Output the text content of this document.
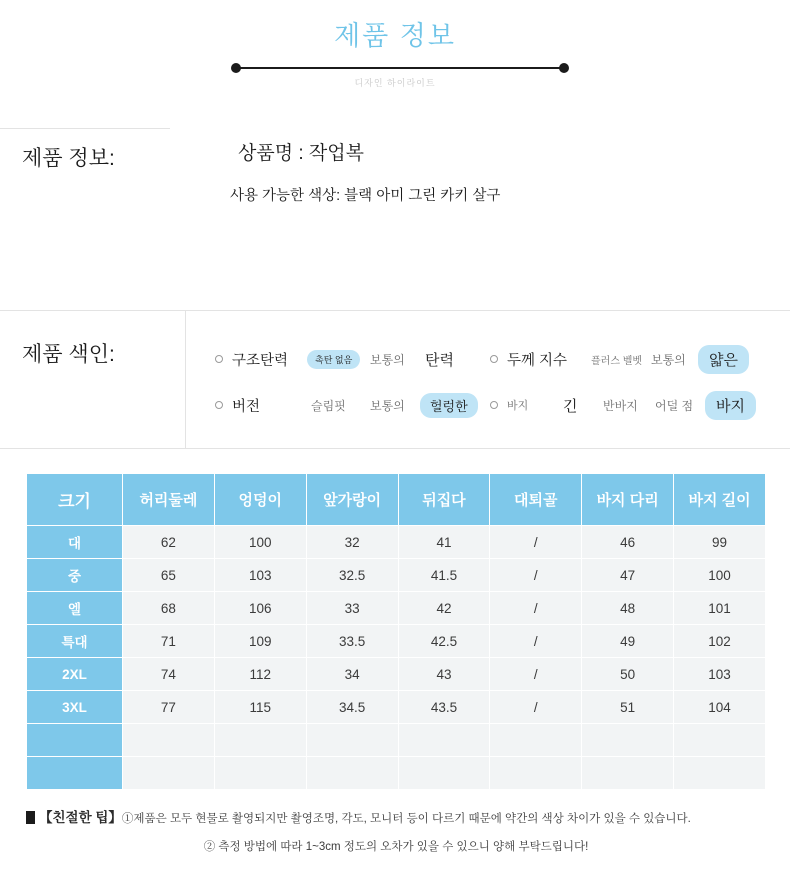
제품 정보
디자인 하이라이트
제품 정보:	상품명 : 작업복
사용 가능한 색상: 블랙 아미 그린 카키 살구
제품 색인:	구조탄력	촉탄 없음	보통의 탄력	두께 지수 플러스 벨벳 보통의	얇은
버전	슬림핏 보통의	헐렁한	바지 긴 반바지 어덜 점	바지
크기	허리둘레	엉덩이	앞가랑이	뒤집다	대퇴골	바지 다리	바지 길이
대	62	100	32	41	/	46	99
중	65	103	32.5	41.5	/	47	100
엘	68	106	33	42	/	48	101
특대	71	109	33.5	42.5	/	49	102
2XL	74	112	34	43	/	50	103
3XL	77	115	34.5	43.5	/	51	104

【친절한 팁】①제품은 모두 현물로 촬영되지만 촬영조명, 각도, 모니터 등이 다르기 때문에 약간의 색상 차이가 있을 수 있습니다.
② 측정 방법에 따라 1~3cm 정도의 오차가 있을 수 있으니 양해 부탁드립니다!
